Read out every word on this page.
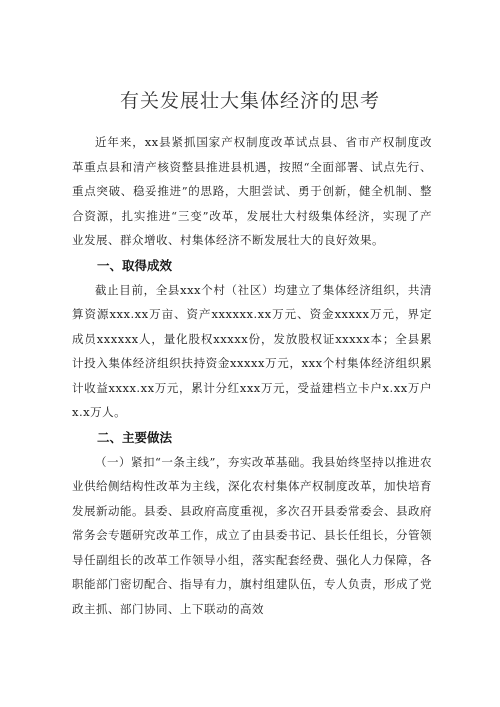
有关发展壮大集体经济的思考

近年来，xx县紧抓国家产权制度改革试点县、省市产权制度改革重点县和清产核资整县推进县机遇，按照“全面部署、试点先行、重点突破、稳妥推进”的思路，大胆尝试、勇于创新，健全机制、整合资源，扎实推进“三变”改革，发展壮大村级集体经济，实现了产业发展、群众增收、村集体经济不断发展壮大的良好效果。

一、取得成效

截止目前，全县xxx个村（社区）均建立了集体经济组织，共清算资源xxx.xx万亩、资产xxxxxx.xx万元、资金xxxxx万元，界定成员xxxxxx人，量化股权xxxxx份，发放股权证xxxxx本；全县累计投入集体经济组织扶持资金xxxxx万元，xxx个村集体经济组织累计收益xxxx.xx万元，累计分红xxx万元，受益建档立卡户x.xx万户x.x万人。

二、主要做法

（一）紧扣“一条主线”，夯实改革基础。我县始终坚持以推进农业供给侧结构性改革为主线，深化农村集体产权制度改革，加快培育发展新动能。县委、县政府高度重视，多次召开县委常委会、县政府常务会专题研究改革工作，成立了由县委书记、县长任组长，分管领导任副组长的改革工作领导小组，落实配套经费、强化人力保障，各职能部门密切配合、指导有力，旗村组建队伍，专人负责，形成了党政主抓、部门协同、上下联动的高效
